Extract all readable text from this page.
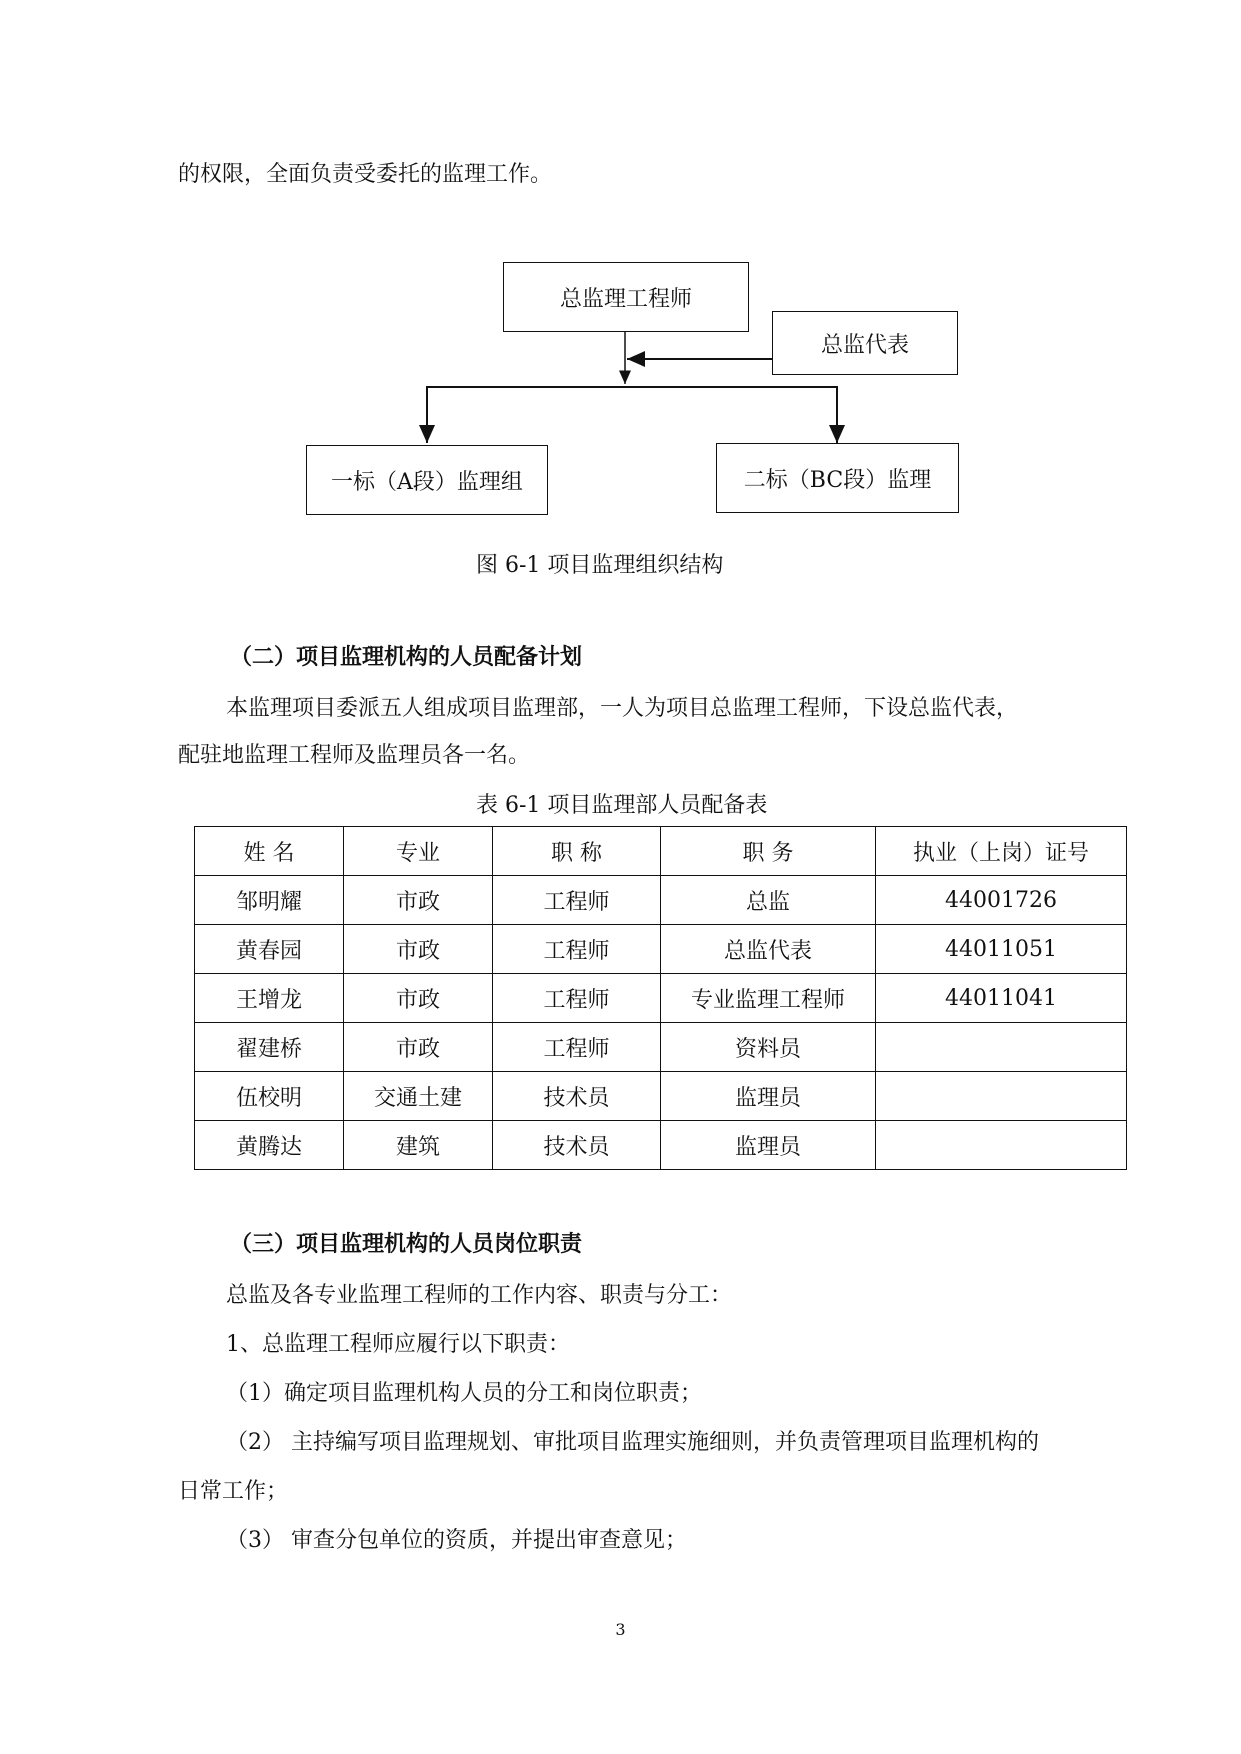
的权限，全面负责受委托的监理工作。

总监理工程师
总监代表
一标（A段）监理组	二标（BC段）监理
图 6-1 项目监理组织结构

（二）项目监理机构的人员配备计划

本监理项目委派五人组成项目监理部，一人为项目总监理工程师，下设总监代表，

配驻地监理工程师及监理员各一名。

表 6-1 项目监理部人员配备表
姓 名	专业	职 称	职 务	执业（上岗）证号
邹明耀	市政	工程师	总监	44001726
黄春园	市政	工程师	总监代表	44011051
王增龙	市政	工程师	专业监理工程师	44011041
翟建桥	市政	工程师	资料员	
伍校明	交通土建	技术员	监理员	
黄腾达	建筑	技术员	监理员	

（三）项目监理机构的人员岗位职责

总监及各专业监理工程师的工作内容、职责与分工：

1、总监理工程师应履行以下职责：

（1）确定项目监理机构人员的分工和岗位职责；

（2） 主持编写项目监理规划、审批项目监理实施细则，并负责管理项目监理机构的

日常工作；

（3） 审查分包单位的资质，并提出审查意见；

3
